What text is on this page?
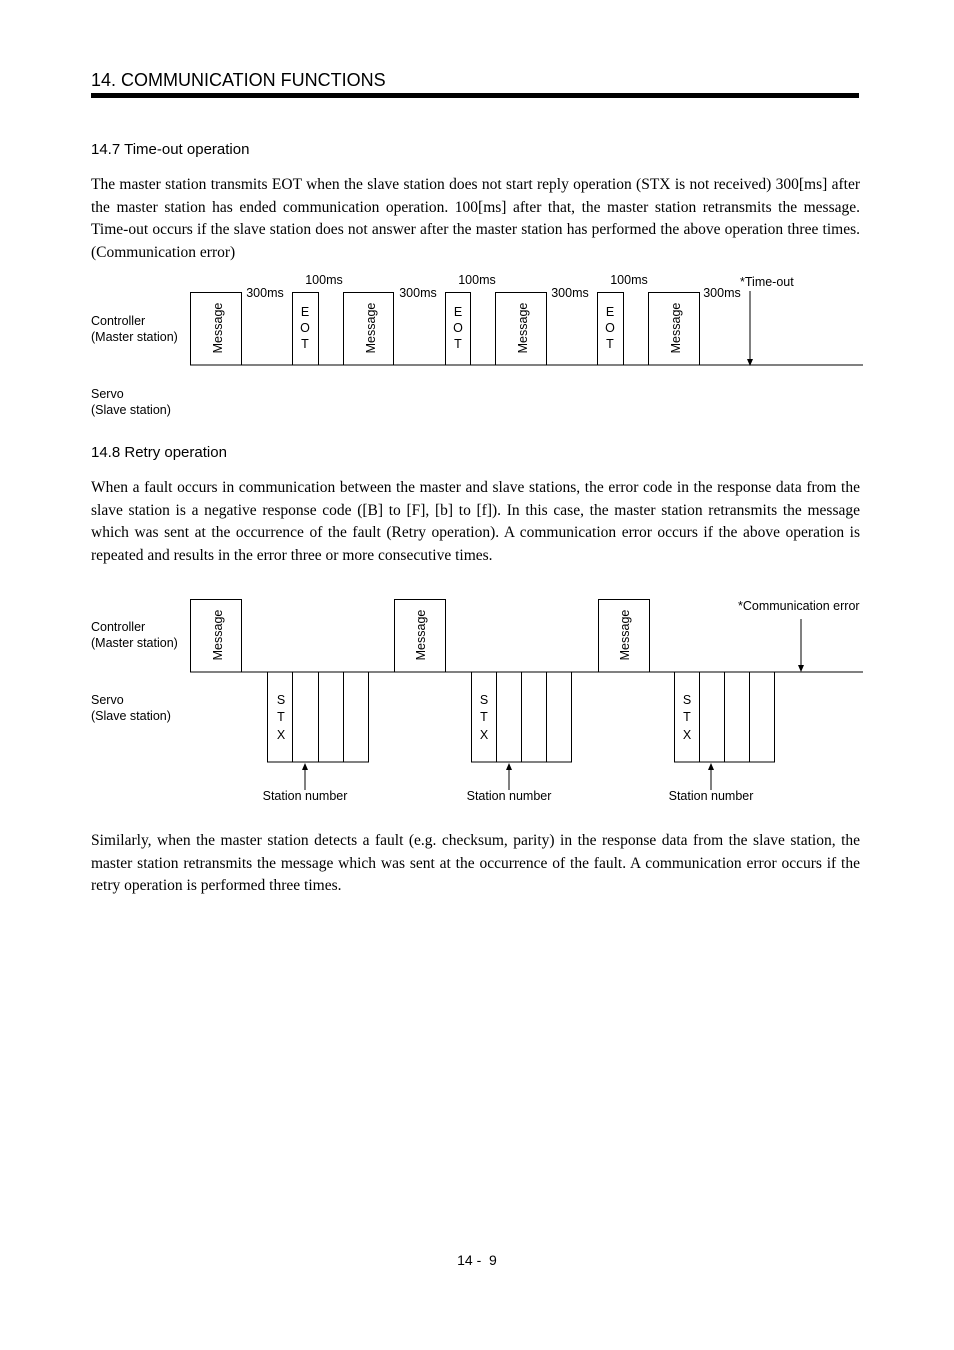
14. COMMUNICATION FUNCTIONS
14.7 Time-out operation
The master station transmits EOT when the slave station does not start reply operation (STX is not received) 300[ms] after the master station has ended communication operation. 100[ms] after that, the master station retransmits the message. Time-out occurs if the slave station does not answer after the master station has performed the above operation three times. (Communication error)
Controller
(Master station)
Servo
(Slave station)
Message	Message	Message	Message
E
O
T
E
O
T
E
O
T
300ms	300ms	300ms	300ms
100ms	100ms	100ms	*Time-out
14.8 Retry operation
When a fault occurs in communication between the master and slave stations, the error code in the response data from the slave station is a negative response code ([B] to [F], [b] to [f]). In this case, the master station retransmits the message which was sent at the occurrence of the fault (Retry operation). A communication error occurs if the above operation is repeated and results in the error three or more consecutive times.
Controller
(Master station)
Servo
(Slave station)
Message	Message	Message
S
T
X
Station number
S
T
X
Station number
S
T
X
Station number
*Communication error
Similarly, when the master station detects a fault (e.g. checksum, parity) in the response data from the slave station, the master station retransmits the message which was sent at the occurrence of the fault. A communication error occurs if the retry operation is performed three times.
14 -  9
